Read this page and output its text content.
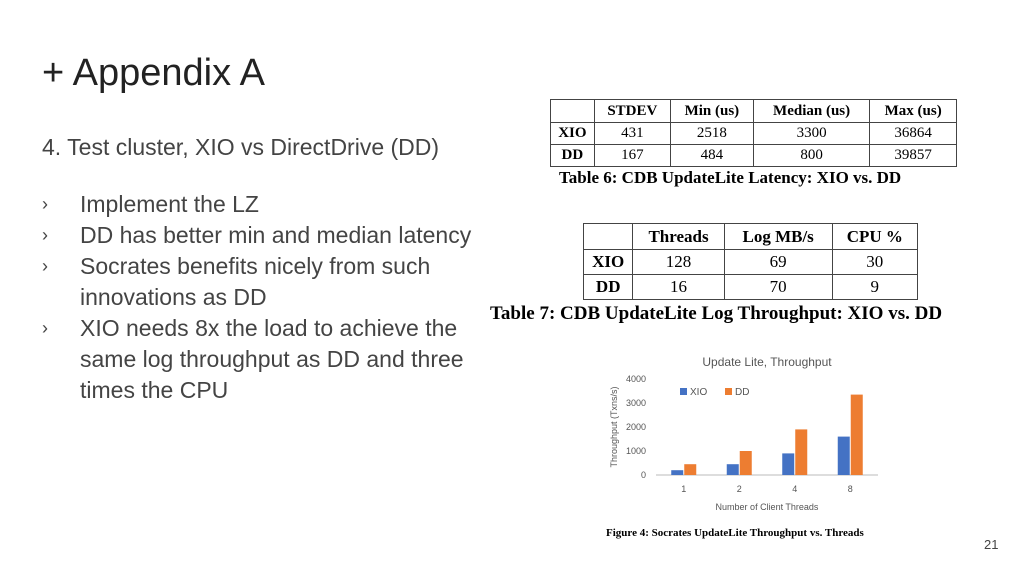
+ Appendix A
4. Test cluster, XIO vs DirectDrive (DD)
› Implement the LZ
› DD has better min and median latency
› Socrates benefits nicely from such innovations as DD
› XIO needs 8x the load to achieve the same log throughput as DD and three times the CPU
	STDEV	Min (us)	Median (us)	Max (us)
XIO	431	2518	3300	36864
DD	167	484	800	39857
Table 6: CDB UpdateLite Latency: XIO vs. DD
	Threads	Log MB/s	CPU %
XIO	128	69	30
DD	16	70	9
Table 7: CDB UpdateLite Log Throughput: XIO vs. DD
Update Lite, Throughput
0
1000
2000
3000
4000
Throughput (Txns/s)
Number of Client Threads
1	2	4	8
XIO	DD
Figure 4: Socrates UpdateLite Throughput vs. Threads
21
